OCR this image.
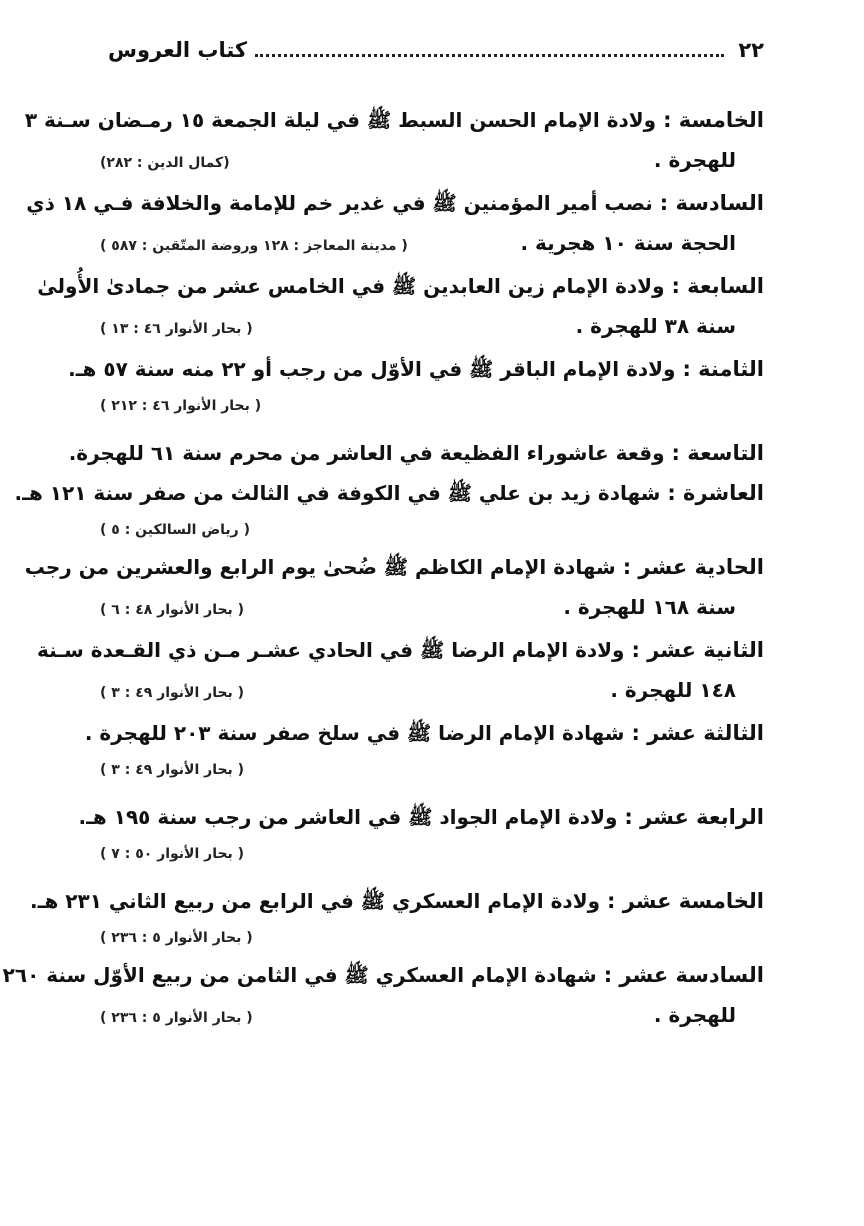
٢٢
كتاب العروس
الخامسة : ولادة الإمام الحسن السبط ﷺ في ليلة الجمعة ١٥ رمـضان سـنة ٣
للهجرة .
(كمال الدين : ٢٨٢)
السادسة : نصب أمير المؤمنين ﷺ في غدير خم للإمامة والخلافة فـي ١٨ ذي
الحجة سنة ١٠ هجرية .
( مدينة المعاجز : ١٢٨ وروضة المتّقين : ٥٨٧ )
السابعة : ولادة الإمام زين العابدين ﷺ في الخامس عشر من جمادىٰ الأُولىٰ
سنة ٣٨ للهجرة .
( بحار الأنوار ٤٦ : ١٣ )
الثامنة : ولادة الإمام الباقر ﷺ في الأوّل من رجب أو ٢٢ منه سنة ٥٧ هـ.
( بحار الأنوار ٤٦ : ٢١٢ )
التاسعة : وقعة عاشوراء الفظيعة في العاشر من محرم سنة ٦١ للهجرة.
العاشرة : شهادة زيد بن علي ﷺ في الكوفة في الثالث من صفر سنة ١٢١ هـ.
( رياض السالكين : ٥ )
الحادية عشر : شهادة الإمام الكاظم ﷺ ضُحىٰ يوم الرابع والعشرين من رجب
سنة ١٦٨ للهجرة .
( بحار الأنوار ٤٨ : ٦ )
الثانية عشر : ولادة الإمام الرضا ﷺ في الحادي عشـر مـن ذي القـعدة سـنة
١٤٨ للهجرة .
( بحار الأنوار ٤٩ : ٣ )
الثالثة عشر : شهادة الإمام الرضا ﷺ في سلخ صفر سنة ٢٠٣ للهجرة .
( بحار الأنوار ٤٩ : ٣ )
الرابعة عشر : ولادة الإمام الجواد ﷺ في العاشر من رجب سنة ١٩٥ هـ.
( بحار الأنوار ٥٠ : ٧ )
الخامسة عشر : ولادة الإمام العسكري ﷺ في الرابع من ربيع الثاني ٢٣١ هـ.
( بحار الأنوار ٥ : ٢٣٦ )
السادسة عشر : شهادة الإمام العسكري ﷺ في الثامن من ربيع الأوّل سنة ٢٦٠
للهجرة .
( بحار الأنوار ٥ : ٢٣٦ )
